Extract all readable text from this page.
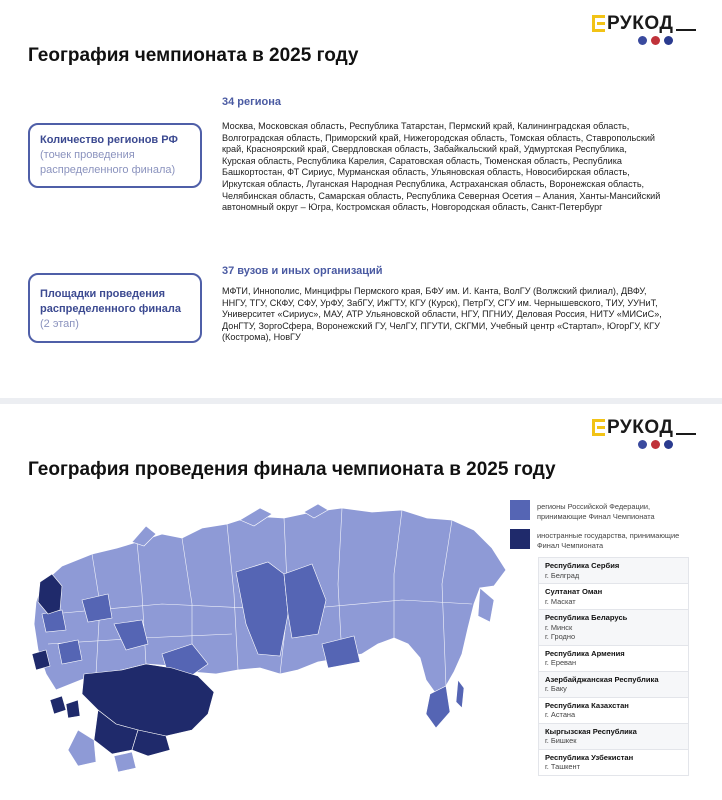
РУКОД
География чемпионата в 2025 году
Количество регионов РФ
(точек проведения распределенного финала)
34 региона

Москва, Московская область, Республика Татарстан, Пермский край, Калининградская область, Волгоградская область, Приморский край, Нижегородская область, Томская область, Ставропольский край, Красноярский край, Свердловская область, Забайкальский край, Удмуртская Республика, Курская область, Республика Карелия, Саратовская область, Тюменская область, Республика Башкортостан, ФТ Сириус, Мурманская область, Ульяновская область, Новосибирская область, Иркутская область, Луганская Народная Республика, Астраханская область, Воронежская область, Челябинская область, Самарская область, Республика Северная Осетия – Алания, Ханты-Мансийский автономный округ – Югра, Костромская область, Новгородская область, Санкт-Петербург

Площадки проведения распределенного финала (2 этап)
37 вузов и иных организаций

МФТИ, Иннополис, Минцифры Пермского края, БФУ им. И. Канта, ВолГУ (Волжский филиал), ДВФУ, ННГУ, ТГУ, СКФУ, СФУ, УрФУ, ЗабГУ, ИжГТУ, КГУ (Курск), ПетрГУ, СГУ им. Чернышевского, ТИУ, УУНиТ, Университет «Сириус», МАУ, АТР Ульяновской области, НГУ, ПГНИУ, Деловая Россия, НИТУ «МИСиС», ДонГТУ, ЗоргоСфера, Воронежский ГУ, ЧелГУ, ПГУТИ, СКГМИ, Учебный центр «Стартап», ЮгорГУ, КГУ (Кострома), НовГУ

РУКОД
География проведения финала чемпионата в 2025 году
регионы Российской Федерации, принимающие Финал Чемпионата
иностранные государства, принимающие Финал Чемпионата
Республика Сербия
г. Белград
Султанат Оман
г. Маскат
Республика Беларусь
г. Минск
г. Гродно
Республика Армения
г. Ереван
Азербайджанская Республика
г. Баку
Республика Казахстан
г. Астана
Кыргызская Республика
г. Бишкек
Республика Узбекистан
г. Ташкент
